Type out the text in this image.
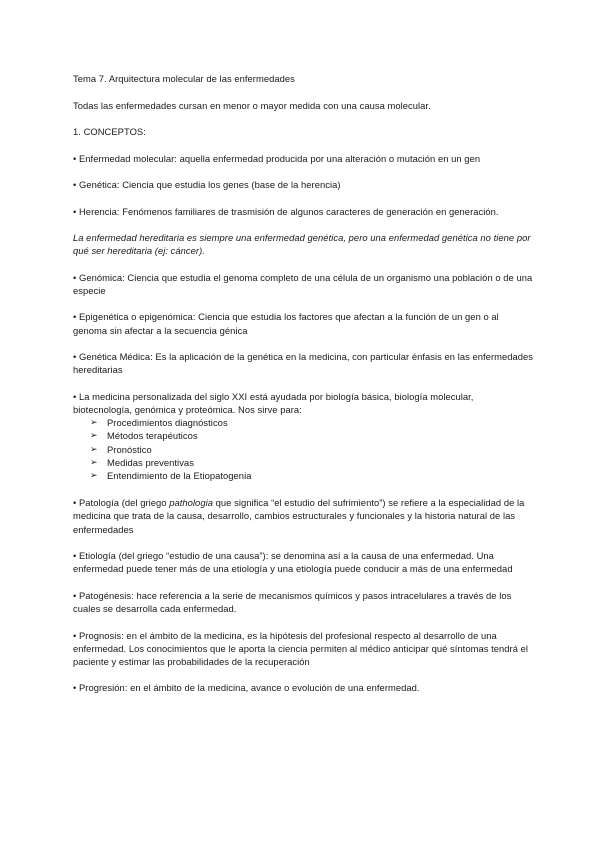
Tema 7. Arquitectura molecular de las enfermedades

Todas las enfermedades cursan en menor o mayor medida con una causa molecular.

1. CONCEPTOS:

• Enfermedad molecular: aquella enfermedad producida por una alteración o mutación en un gen

• Genética: Ciencia que estudia los genes (base de la herencia)

• Herencia: Fenómenos familiares de trasmisión de algunos caracteres de generación en generación.

La enfermedad hereditaria es siempre una enfermedad genética, pero una enfermedad genética no tiene por qué ser hereditaria (ej: cáncer).

• Genómica: Ciencia que estudia el genoma completo de una célula de un organismo una población o de una especie

• Epigenética o epigenómica: Ciencia que estudia los factores que afectan a la función de un gen o al genoma sin afectar a la secuencia génica

• Genética Médica: Es la aplicación de la genética en la medicina, con particular énfasis en las enfermedades hereditarias

• La medicina personalizada del siglo XXI está ayudada por biología básica, biología molecular, biotecnología, genómica y proteómica. Nos sirve para:

➢ Procedimientos diagnósticos
➢ Métodos terapéuticos
➢ Pronóstico
➢ Medidas preventivas
➢ Entendimiento de la Etiopatogenia

• Patología (del griego pathologia que significa “el estudio del sufrimiento”) se refiere a la especialidad de la medicina que trata de la causa, desarrollo, cambios estructurales y funcionales y la historia natural de las enfermedades

• Etiología (del griego “estudio de una causa”): se denomina así a la causa de una enfermedad. Una enfermedad puede tener más de una etiología y una etiología puede conducir a más de una enfermedad

• Patogénesis: hace referencia a la serie de mecanismos químicos y pasos intracelulares a través de los cuales se desarrolla cada enfermedad.

• Prognosis: en el ámbito de la medicina, es la hipótesis del profesional respecto al desarrollo de una enfermedad. Los conocimientos que le aporta la ciencia permiten al médico anticipar qué síntomas tendrá el paciente y estimar las probabilidades de la recuperación

• Progresión: en el ámbito de la medicina, avance o evolución de una enfermedad.
